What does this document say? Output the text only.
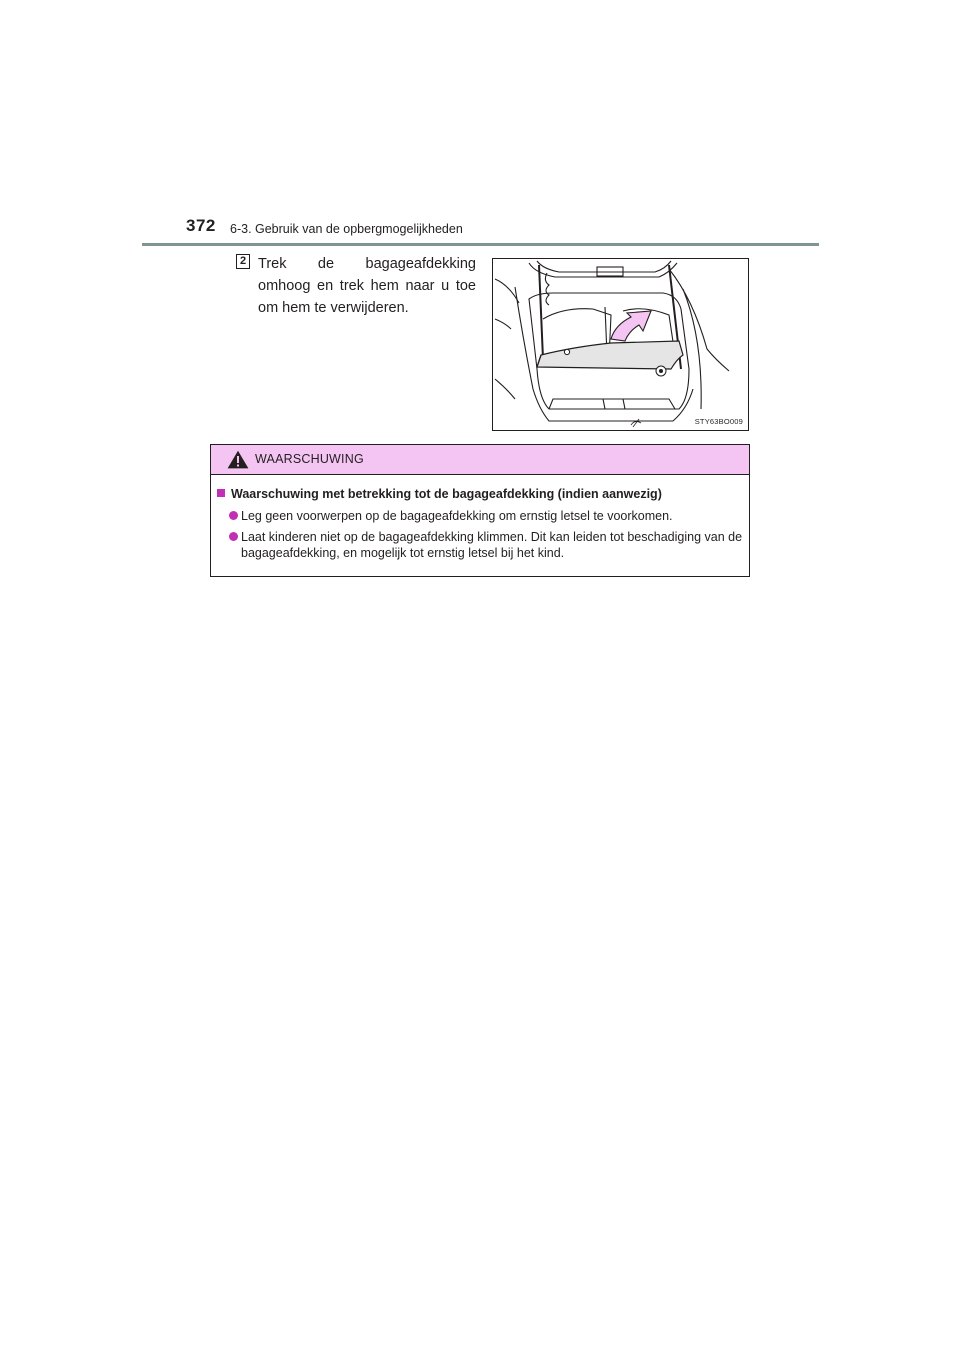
372 6-3. Gebruik van de opbergmogelijkheden
2 Trek de bagageafdekking omhoog en trek hem naar u toe om hem te verwijderen.
STY63BO009
WAARSCHUWING
Waarschuwing met betrekking tot de bagageafdekking (indien aanwezig)
Leg geen voorwerpen op de bagageafdekking om ernstig letsel te voorkomen.
Laat kinderen niet op de bagageafdekking klimmen. Dit kan leiden tot beschadiging van de bagageafdekking, en mogelijk tot ernstig letsel bij het kind.
